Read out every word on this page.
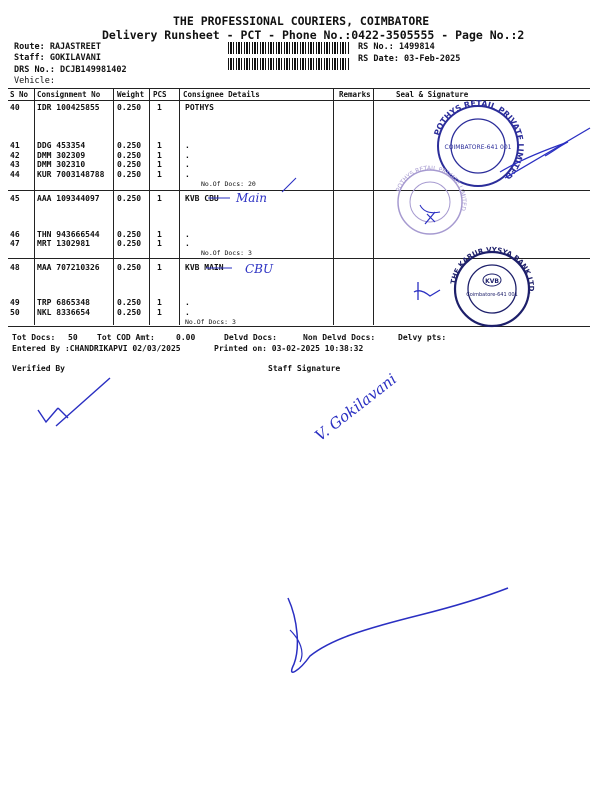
THE PROFESSIONAL COURIERS, COIMBATORE
Delivery Runsheet - PCT - Phone No.:0422-3505555 - Page No.:2
Route: RAJASTREET
Staff: GOKILAVANI
DRS No.: DCJB149981402
Vehicle:
RS No.: 1499814
RS Date: 03-Feb-2025
S No Consignment No Weight PCS Consignee Details	Remarks	Seal & Signature
40 IDR 100425855 0.250 1	POTHYS
41 DDG 453354	0.250 1	.
42 DMM 302309	0.250 1	.
43 DMM 302310	0.250 1	.
44 KUR 7003148788 0.250 1	.
No.Of Docs: 20
45 AAA 109344097 0.250 1	KVB CBU
46 THN 943666544 0.250 1	.
47 MRT 1302981	0.250 1	.
No.Of Docs: 3
48 MAA 707210326 0.250 1	KVB MAIN
49 TRP 6865348	0.250 1	.
50 NKL 8336654	0.250 1	.
No.Of Docs: 3
Tot Docs: 50 Tot COD Amt:	0.00	Delvd Docs:	Non Delvd Docs:	Delvy pts:
Entered By :CHANDRIKAPVI 02/03/2025	Printed on: 03-02-2025 10:38:32
Verified By	Staff Signature
POTHYS RETAIL PRIVATE LIMITED
COIMBATORE-641 001
POTHYS RETAIL PRIVATE LIMITED
THE KARUR VYSYA BANK LTD.
KVB
Coimbatore-641 001
Main
CBU
V. Gokilavani
